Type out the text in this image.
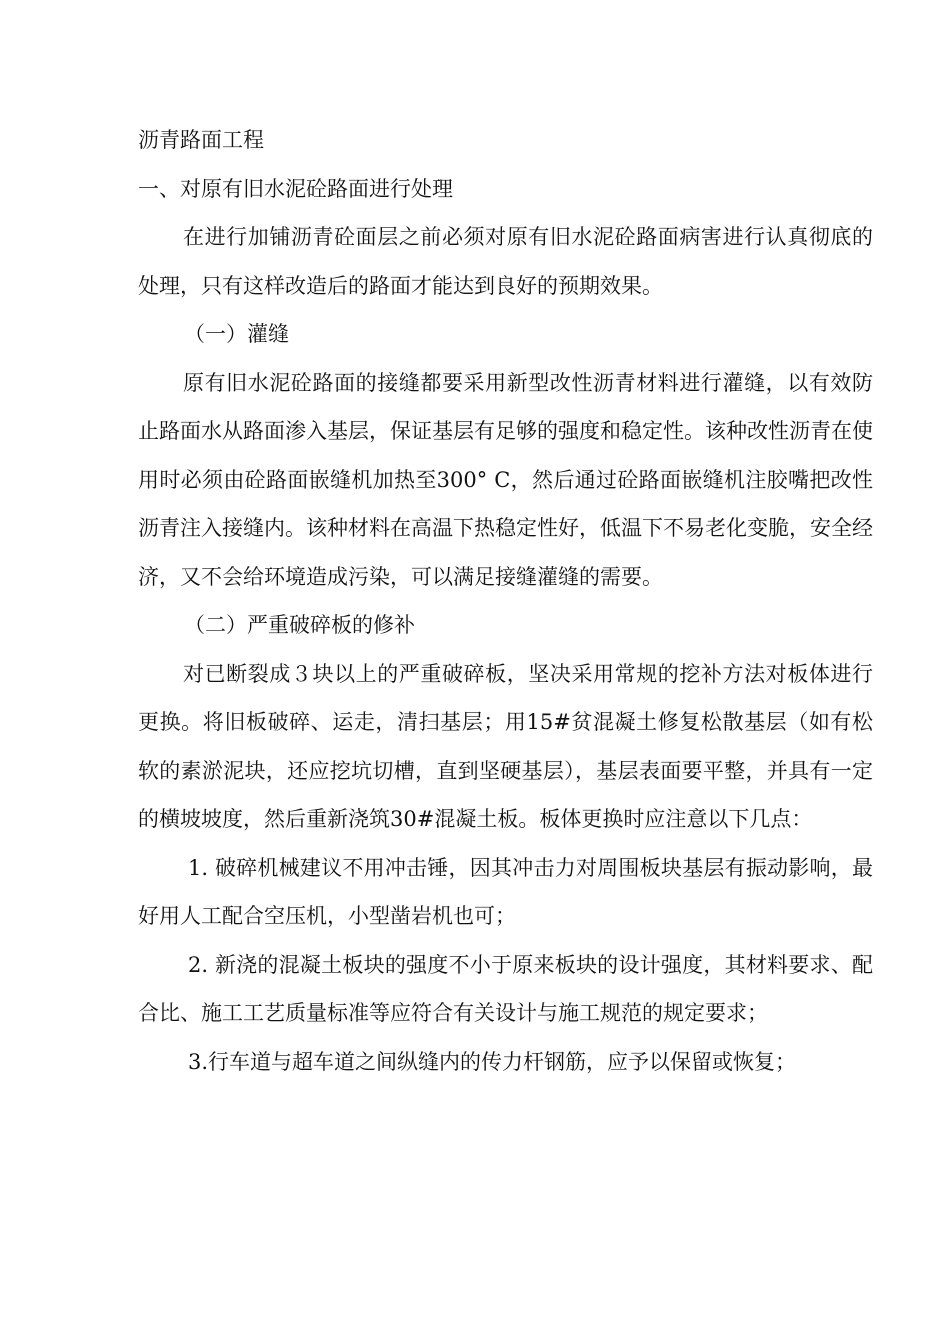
沥青路面工程

一、对原有旧水泥砼路面进行处理

在进行加铺沥青砼面层之前必须对原有旧水泥砼路面病害进行认真彻底的处理，只有这样改造后的路面才能达到良好的预期效果。

（一）灌缝

原有旧水泥砼路面的接缝都要采用新型改性沥青材料进行灌缝，以有效防止路面水从路面渗入基层，保证基层有足够的强度和稳定性。该种改性沥青在使用时必须由砼路面嵌缝机加热至300° C，然后通过砼路面嵌缝机注胶嘴把改性沥青注入接缝内。该种材料在高温下热稳定性好，低温下不易老化变脆，安全经济，又不会给环境造成污染，可以满足接缝灌缝的需要。

（二）严重破碎板的修补

对已断裂成３块以上的严重破碎板，坚决采用常规的挖补方法对板体进行更换。将旧板破碎、运走，清扫基层；用15#贫混凝土修复松散基层（如有松软的素淤泥块，还应挖坑切槽，直到坚硬基层），基层表面要平整，并具有一定的横坡坡度，然后重新浇筑30#混凝土板。板体更换时应注意以下几点：

1. 破碎机械建议不用冲击锤，因其冲击力对周围板块基层有振动影响，最好用人工配合空压机，小型凿岩机也可；

2. 新浇的混凝土板块的强度不小于原来板块的设计强度，其材料要求、配合比、施工工艺质量标准等应符合有关设计与施工规范的规定要求；

3.行车道与超车道之间纵缝内的传力杆钢筋，应予以保留或恢复；
